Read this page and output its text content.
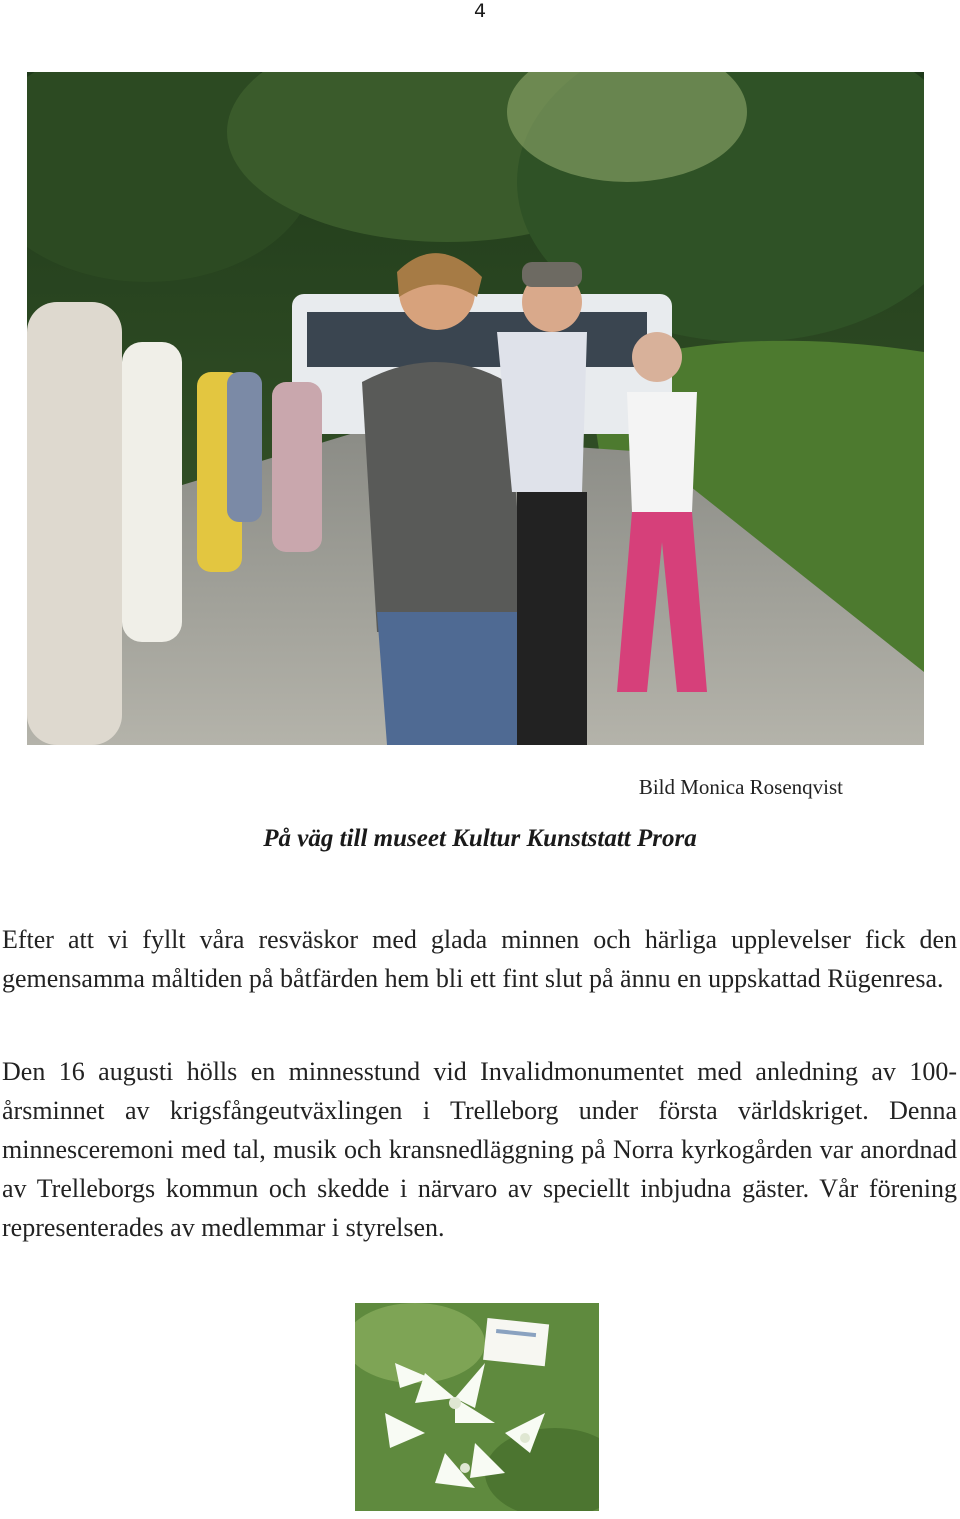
4
Bild Monica Rosenqvist
På väg till museet Kultur Kunststatt Prora
Efter att vi fyllt våra resväskor med glada minnen och härliga upplevelser fick den gemensamma måltiden på båtfärden hem bli ett fint slut på ännu en uppskattad Rügenresa.
Den 16 augusti hölls en minnesstund vid Invalidmonumentet med anledning av 100-årsminnet av krigsfångeutväxlingen i Trelleborg under första världskriget. Denna minnesceremoni med tal, musik och kransnedläggning på Norra kyrkogården var anordnad av Trelleborgs kommun och skedde i närvaro av speciellt inbjudna gäster. Vår förening representerades av medlemmar i styrelsen.
